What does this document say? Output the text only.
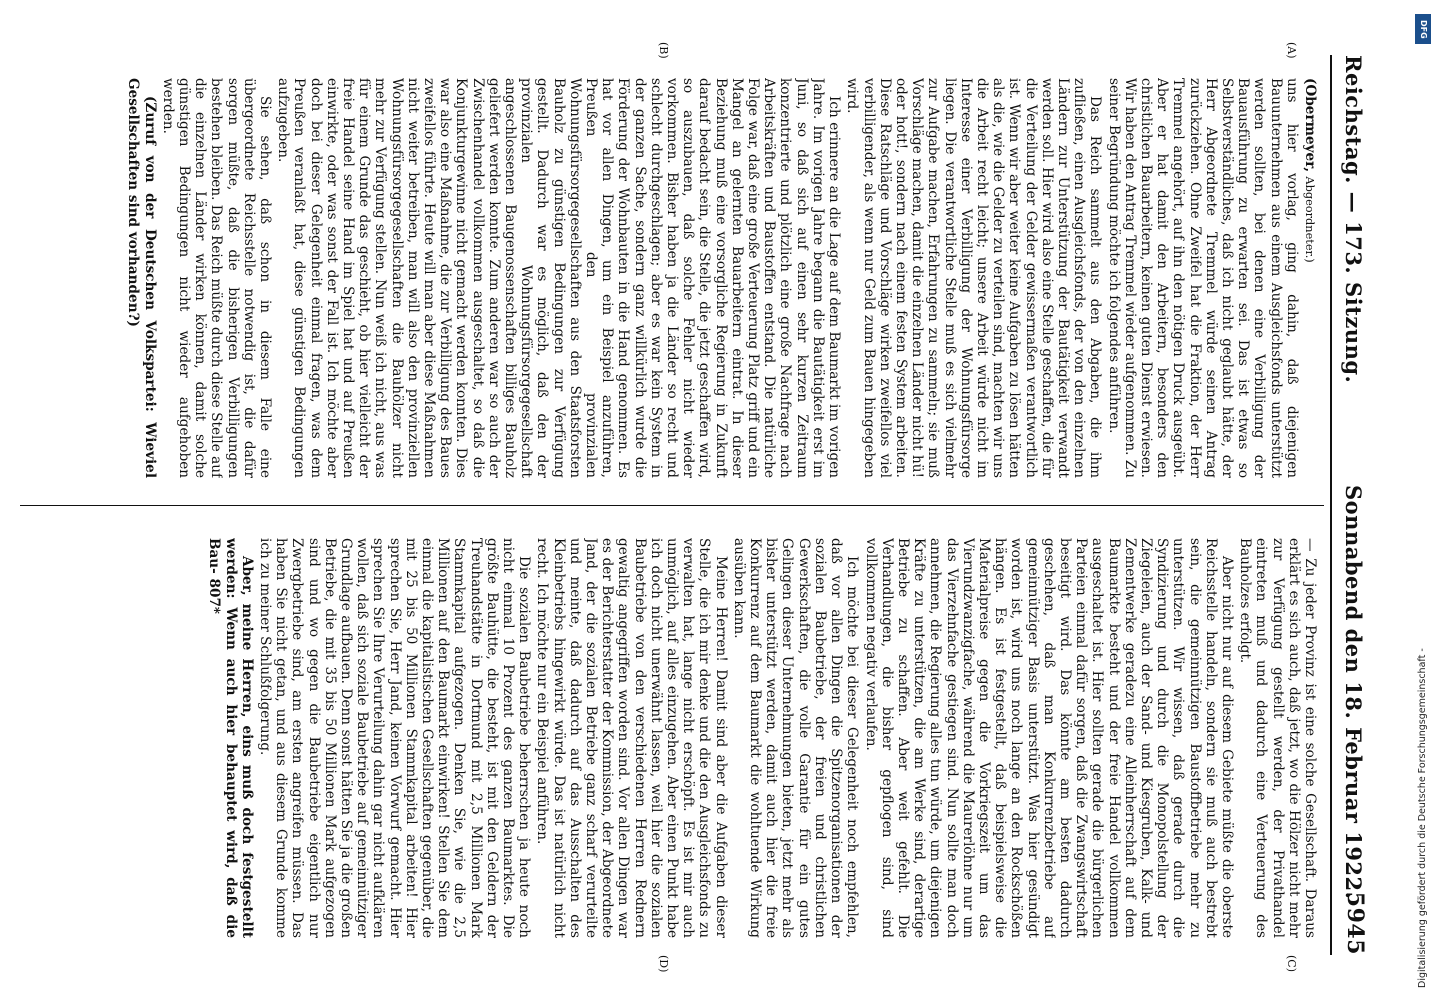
Reichstag. — 173. Sitzung.
Sonnabend den 18. Februar 1922.
5945
(A)
(B)
(C)
(D)

(Obermeyer, Abgeordneter.)

uns hier vorlag, ging dahin, daß diejenigen Bauunternehmen aus einem Ausgleichsfonds unterstützt werden sollten, bei denen eine Verbilligung der Bauausführung zu erwarten sei. Das ist etwas so Selbstverständliches, daß ich nicht geglaubt hätte, der Herr Abgeordnete Tremmel würde seinen Antrag zurückziehen. Ohne Zweifel hat die Fraktion, der Herr Tremmel angehört, auf ihn den nötigen Druck ausgeübt. Aber er hat damit den Arbeitern, besonders den christlichen Bauarbeitern, keinen guten Dienst erwiesen. Wir haben den Antrag Tremmel wieder aufgenommen. Zu seiner Begründung möchte ich folgendes anführen.

Das Reich sammelt aus den Abgaben, die ihm zufließen, einen Ausgleichsfonds, der von den einzelnen Ländern zur Unterstützung der Bautätigkeit verwandt werden soll. Hier wird also eine Stelle geschaffen, die für die Verteilung der Gelder gewissermaßen verantwortlich ist. Wenn wir aber weiter keine Aufgaben zu lösen hätten als die, wie die Gelder zu verteilen sind, machten wir uns die Arbeit recht leicht; unsere Arbeit würde nicht im Interesse einer Verbilligung der Wohnungsfürsorge liegen. Die verantwortliche Stelle muß es sich vielmehr zur Aufgabe machen, Erfahrungen zu sammeln; sie muß Vorschläge machen, damit die einzelnen Länder nicht hü! oder hott!, sondern nach einem festen System arbeiten. Diese Ratschläge und Vorschläge wirken zweifellos viel verbilligender, als wenn nur Geld zum Bauen hingegeben wird.

Ich erinnere an die Lage auf dem Baumarkt im vorigen Jahre. Im vorigen Jahre begann die Bautätigkeit erst im Juni, so daß sich auf einen sehr kurzen Zeitraum konzentrierte und plötzlich eine große Nachfrage nach Arbeitskräften und Baustoffen entstand. Die natürliche Folge war, daß eine große Verteuerung Platz griff und ein Mangel an gelernten Bauarbeitern eintrat. In dieser Beziehung muß eine vorsorgliche Regierung in Zukunft darauf bedacht sein, die Stelle, die jetzt geschaffen wird, so auszubauen, daß solche Fehler nicht wieder vorkommen. Bisher haben ja die Länder so recht und schlecht durchgeschlagen; aber es war kein System in der ganzen Sache, sondern ganz willkürlich wurde die Förderung der Wohnbauten in die Hand genommen. Es hat vor allen Dingen, um ein Beispiel anzuführen, Preußen den provinzialen Wohnungsfürsorgegesellschaften aus den Staatsforsten Bauholz zu günstigen Bedingungen zur Verfügung gestellt. Dadurch war es möglich, daß den der provinzialen Wohnungsfürsorgegesellschaft angeschlossenen Baugenossenschaften billiges Bauholz geliefert werden konnte. Zum anderen war so auch der Zwischenhandel vollkommen ausgeschaltet, so daß die Konjunkturgewinne nicht gemacht werden konnten. Dies war also eine Maßnahme, die zur Verbilligung des Baues zweifellos führte. Heute will man aber diese Maßnahmen nicht weiter betreiben, man will also den provinziellen Wohnungsfürsorgegesellschaften die Bauhölzer nicht mehr zur Verfügung stellen. Nun weiß ich nicht, aus was für einem Grunde das geschieht, ob hier vielleicht der freie Handel seine Hand im Spiel hat und auf Preußen einwirkte, oder was sonst der Fall ist. Ich möchte aber doch bei dieser Gelegenheit einmal fragen, was dem Preußen veranlaßt hat, diese günstigen Bedingungen aufzugeben.

Sie sehen, daß schon in diesem Falle eine übergeordnete Reichsstelle notwendig ist, die dafür sorgen müßte, daß die bisherigen Verbilligungen bestehen bleiben. Das Reich müßte durch diese Stelle auf die einzelnen Länder wirken können, damit solche günstigen Bedingungen nicht wieder aufgehoben werden.

(Zuruf von der Deutschen Volkspartei: Wieviel Gesellschaften sind vorhanden?)

— Zu jeder Provinz ist eine solche Gesellschaft. Daraus erklärt es sich auch, daß jetzt, wo die Hölzer nicht mehr zur Verfügung gestellt werden, der Privathandel eintreten muß und dadurch eine Verteuerung des Bauholzes erfolgt.

Aber nicht nur auf diesem Gebiete müßte die oberste Reichsstelle handeln, sondern sie muß auch bestrebt sein, die gemeinnützigen Baustoffbetriebe mehr zu unterstützen. Wir wissen, daß gerade durch die Syndizierung und durch die Monopolstellung der Ziegeleien, auch der Sand- und Kiesgruben, Kalk- und Zementwerke geradezu eine Alleinherrschaft auf dem Baumarkte besteht und der freie Handel vollkommen ausgeschaltet ist. Hier sollten gerade die bürgerlichen Parteien einmal dafür sorgen, daß die Zwangswirtschaft beseitigt wird. Das könnte am besten dadurch geschehen, daß man Konkurrenzbetriebe auf gemeinnütziger Basis unterstützt. Was hier gesündigt worden ist, wird uns noch lange an den Rockschößen hängen. Es ist festgestellt, daß beispielsweise die Materialpreise gegen die Vorkriegszeit um das Vierundzwanzigfache, während die Maurerlöhne nur um das Vierzehnfache gestiegen sind. Nun sollte man doch annehmen, die Regierung alles tun würde, um diejenigen Kräfte zu unterstützen, die am Werke sind, derartige Betriebe zu schaffen. Aber weit gefehlt. Die Verhandlungen, die bisher gepflogen sind, sind vollkommen negativ verlaufen.

Ich möchte bei dieser Gelegenheit noch empfehlen, daß vor allen Dingen die Spitzenorganisationen der sozialen Baubetriebe, der freien und christlichen Gewerkschaften, die volle Garantie für ein gutes Gelingen dieser Unternehmungen bieten, jetzt mehr als bisher unterstützt werden, damit auch hier die freie Konkurrenz auf dem Baumarkt die wohltuende Wirkung ausüben kann.

Meine Herren! Damit sind aber die Aufgaben dieser Stelle, die ich mir denke und die den Ausgleichsfonds zu verwalten hat, lange nicht erschöpft. Es ist mir auch unmöglich, auf alles einzugehen. Aber einen Punkt habe ich doch nicht unerwähnt lassen, weil hier die sozialen Baubetriebe von den verschiedenen Herren Rednern gewaltig angegriffen worden sind. Vor allen Dingen war es der Berichterstatter der Kommission, der Abgeordnete Jand, der die sozialen Betriebe ganz scharf verurteilte und meinte, daß dadurch auf das Ausschalten des Kleinbetriebs hingewirkt würde. Das ist natürlich nicht recht. Ich möchte nur ein Beispiel anführen.

Die sozialen Baubetriebe beherrschen ja heute noch nicht einmal 10 Prozent des ganzen Baumarktes. Die größte Bauhütte, die besteht, ist mit den Geldern der Treuhandstätte in Dortmund mit 2,5 Millionen Mark Stammkapital aufgezogen. Denken Sie, wie die 2,5 Millionen auf den Baumarkt einwirken! Stellen Sie dem einmal die kapitalistischen Gesellschaften gegenüber, die mit 25 bis 50 Millionen Stammkapital arbeiten! Hier sprechen Sie, Herr Jand, keinen Vorwurf gemacht. Hier sprechen Sie Ihre Verurteilung dahin gar nicht aufklären wollen, daß sich soziale Baubetriebe auf gemeinnütziger Grundlage aufbauen. Denn sonst hätten Sie ja die großen Betriebe, die mit 35 bis 50 Millionen Mark aufgezogen sind und wo gegen die Baubetriebe eigentlich nur Zwergbetriebe sind, am ersten angreifen müssen. Das haben Sie nicht getan, und aus diesem Grunde komme ich zu meiner Schlußfolgerung.

Aber, meine Herren, eins muß doch festgestellt werden: Wenn auch hier behauptet wird, daß die Bau- 807*

DFG
Digitalisierung gefördert durch die Deutsche Forschungsgemeinschaft -
